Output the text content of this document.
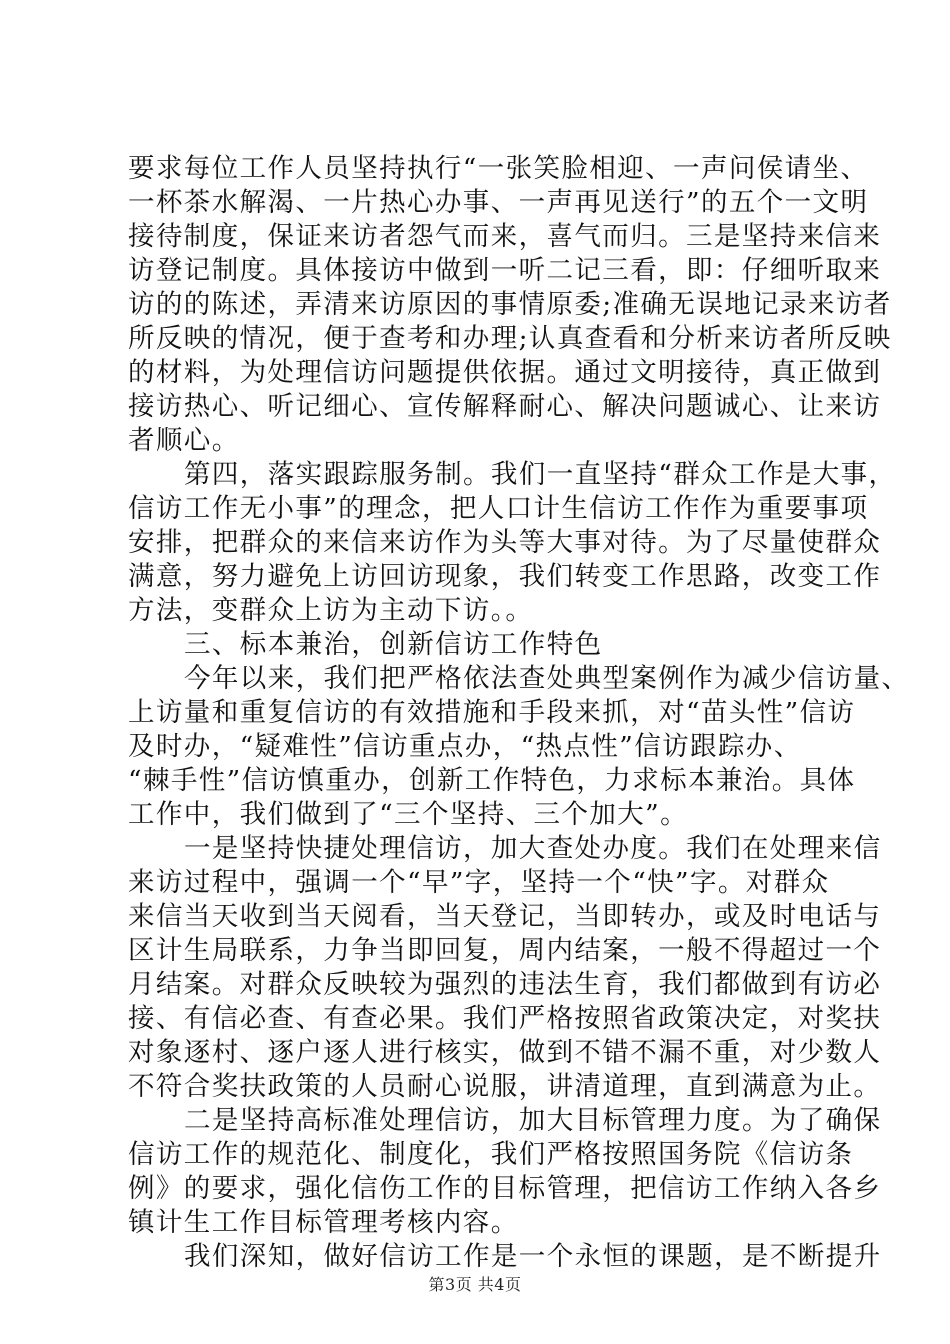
要求每位工作人员坚持执行“一张笑脸相迎、一声问侯请坐、
一杯茶水解渴、一片热心办事、一声再见送行”的五个一文明
接待制度，保证来访者怨气而来，喜气而归。三是坚持来信来
访登记制度。具体接访中做到一听二记三看，即：仔细听取来
访的的陈述，弄清来访原因的事情原委;准确无误地记录来访者
所反映的情况，便于查考和办理;认真查看和分析来访者所反映
的材料，为处理信访问题提供依据。通过文明接待，真正做到
接访热心、听记细心、宣传解释耐心、解决问题诚心、让来访
者顺心。
第四，落实跟踪服务制。我们一直坚持“群众工作是大事，
信访工作无小事”的理念，把人口计生信访工作作为重要事项
安排，把群众的来信来访作为头等大事对待。为了尽量使群众
满意，努力避免上访回访现象，我们转变工作思路，改变工作
方法，变群众上访为主动下访。。
三、标本兼治，创新信访工作特色
今年以来，我们把严格依法查处典型案例作为减少信访量、
上访量和重复信访的有效措施和手段来抓，对“苗头性”信访
及时办，“疑难性”信访重点办，“热点性”信访跟踪办、
“棘手性”信访慎重办，创新工作特色，力求标本兼治。具体
工作中，我们做到了“三个坚持、三个加大”。
一是坚持快捷处理信访，加大查处办度。我们在处理来信
来访过程中，强调一个“早”字，坚持一个“快”字。对群众
来信当天收到当天阅看，当天登记，当即转办，或及时电话与
区计生局联系，力争当即回复，周内结案，一般不得超过一个
月结案。对群众反映较为强烈的违法生育，我们都做到有访必
接、有信必查、有查必果。我们严格按照省政策决定，对奖扶
对象逐村、逐户逐人进行核实，做到不错不漏不重，对少数人
不符合奖扶政策的人员耐心说服，讲清道理，直到满意为止。
二是坚持高标准处理信访，加大目标管理力度。为了确保
信访工作的规范化、制度化，我们严格按照国务院《信访条
例》的要求，强化信伤工作的目标管理，把信访工作纳入各乡
镇计生工作目标管理考核内容。
我们深知，做好信访工作是一个永恒的课题，是不断提升
第3页 共4页
